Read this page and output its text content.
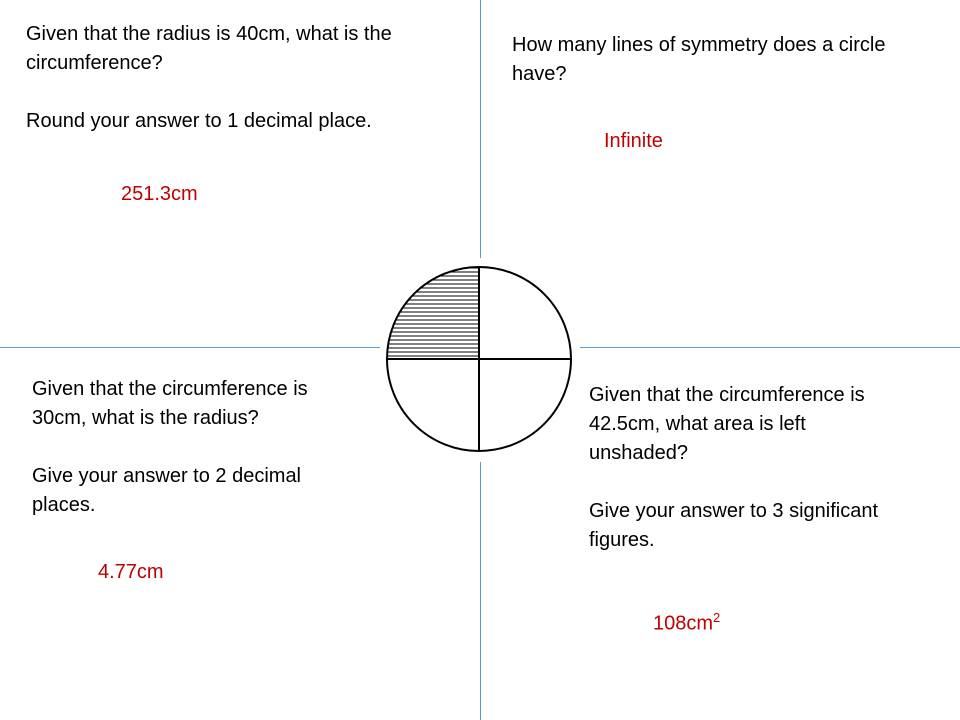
Given that the radius is 40cm, what is the circumference?

Round your answer to 1 decimal place.

251.3cm

How many lines of symmetry does a circle have?

Infinite

Given that the circumference is 30cm, what is the radius?

Give your answer to 2 decimal places.

4.77cm

Given that the circumference is 42.5cm, what area is left unshaded?

Give your answer to 3 significant figures.

$108cm^2$
